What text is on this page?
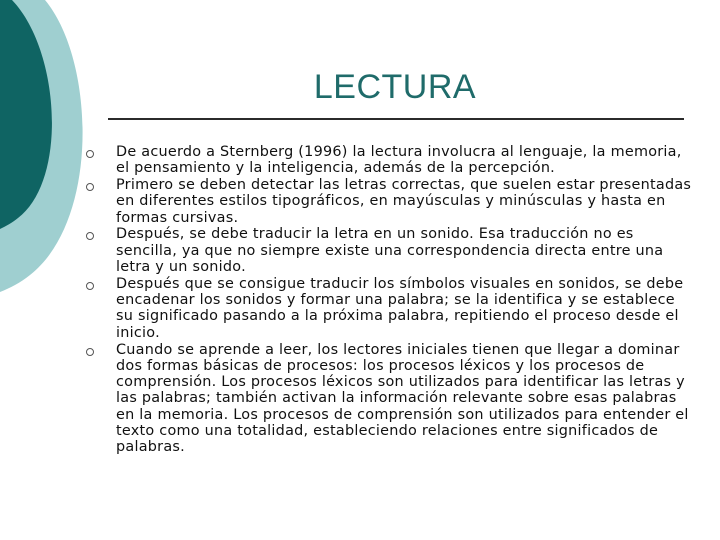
LECTURA
De acuerdo a Sternberg (1996) la lectura involucra al lenguaje, la memoria, el pensamiento y la inteligencia, además de la percepción.
Primero se deben detectar las letras correctas, que suelen estar presentadas en diferentes estilos tipográficos, en mayúsculas y minúsculas y hasta en formas cursivas.
Después, se debe traducir la letra en un sonido. Esa traducción no es sencilla, ya que no siempre existe una correspondencia directa entre una letra y un sonido.
Después que se consigue traducir los símbolos visuales en sonidos, se debe encadenar los sonidos y formar una palabra; se la identifica y se establece su significado pasando a la próxima palabra, repitiendo el proceso desde el inicio.
Cuando se aprende a leer, los lectores iniciales tienen que llegar a dominar dos formas básicas de procesos: los procesos léxicos y los procesos de comprensión. Los procesos léxicos son utilizados para identificar las letras y las palabras; también activan la información relevante sobre esas palabras en la memoria. Los procesos de comprensión son utilizados para entender el texto como una totalidad, estableciendo relaciones entre significados de palabras.
